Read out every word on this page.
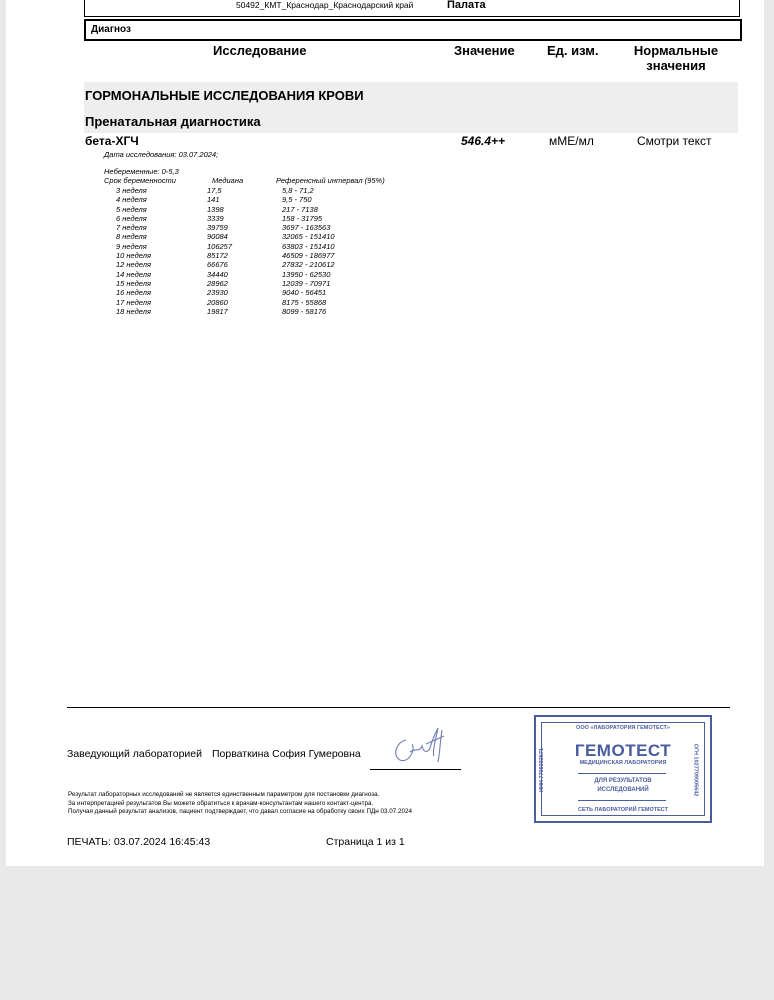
50492_КМТ_Краснодар_Краснодарский край	Палата
Диагноз
Исследование	Значение Ед. изм.	Нормальные значения
ГОРМОНАЛЬНЫЕ ИССЛЕДОВАНИЯ КРОВИ
Пренатальная диагностика
бета-ХГЧ	546.4++	мМЕ/мл	Смотри текст
Дата исследования: 03.07.2024;
Небеременные: 0-5,3
Срок беременности	Медиана	Референсный интервал (95%)
3 неделя	17,5	5,8 - 71,2
4 неделя	141	9,5 - 750
5 неделя	1398	217 - 7138
6 неделя	3339	158 - 31795
7 неделя	39759	3697 - 163563
8 неделя	90084	32065 - 151410
9 неделя	106257	63803 - 151410
10 неделя	85172	46509 - 186977
12 неделя	66676	27832 - 210612
14 неделя	34440	13950 - 62530
15 неделя	28962	12039 - 70971
16 неделя	23930	9040 - 56451
17 неделя	20860	8175 - 55868
18 неделя	19817	8099 - 58176
Заведующий лабораторией Порваткина София Гумеровна
Результат лабораторных исследований не является единственным параметром для постановки диагноза.
За интерпретацией результатов Вы можете обратиться к врачам-консультантам нашего контакт-центра.
Получая данный результат анализов, пациент подтверждает, что давал согласие на обработку своих ПДн 03.07.2024
ПЕЧАТЬ: 03.07.2024 16:45:43	Страница 1 из 1
ООО «ЛАБОРАТОРИЯ ГЕМОТЕСТ»
ГЕМОТЕСТ
МЕДИЦИНСКАЯ ЛАБОРАТОРИЯ
ДЛЯ РЕЗУЛЬТАТОВ
ИССЛЕДОВАНИЙ
СЕТЬ ЛАБОРАТОРИЙ ГЕМОТЕСТ
ИНН 7709383571	ОГН 1027709005642
